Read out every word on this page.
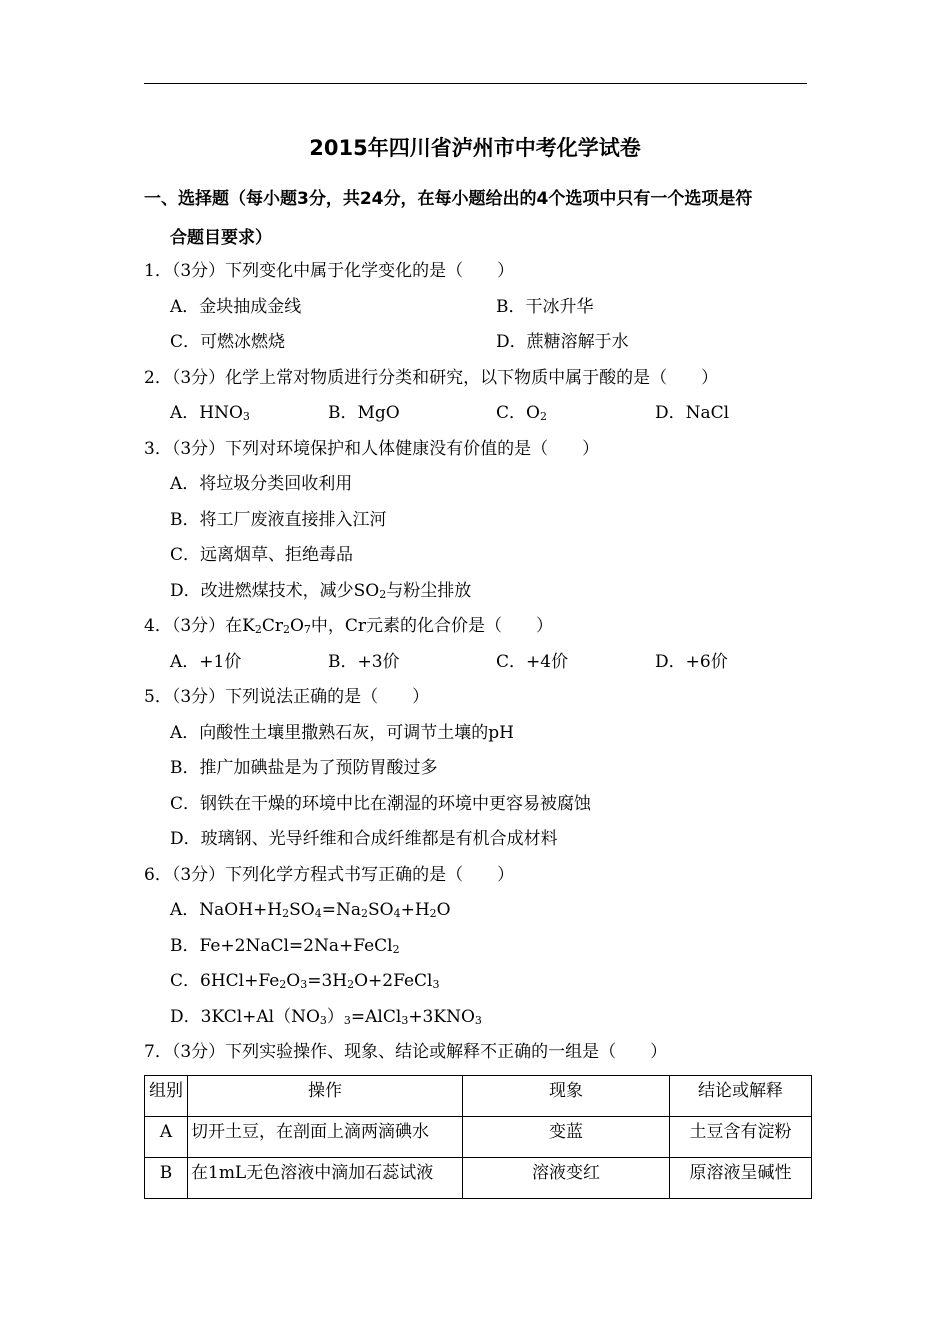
2015年四川省泸州市中考化学试卷
一、选择题（每小题3分，共24分，在每小题给出的4个选项中只有一个选项是符
合题目要求）
1．（3分）下列变化中属于化学变化的是（　　）
A．金块抽成金线	B．干冰升华
C．可燃冰燃烧	D．蔗糖溶解于水
2．（3分）化学上常对物质进行分类和研究，以下物质中属于酸的是（　　）
A．$HNO_3$	B．MgO	C．$O_2$	D．NaCl
3．（3分）下列对环境保护和人体健康没有价值的是（　　）
A．将垃圾分类回收利用
B．将工厂废液直接排入江河
C．远离烟草、拒绝毒品
D．改进燃煤技术，减少$SO_2$与粉尘排放
4．（3分）在$K_2Cr_2O_7$中，Cr元素的化合价是（　　）
A．+1价	B．+3价	C．+4价	D．+6价
5．（3分）下列说法正确的是（　　）
A．向酸性土壤里撒熟石灰，可调节土壤的pH
B．推广加碘盐是为了预防胃酸过多
C．钢铁在干燥的环境中比在潮湿的环境中更容易被腐蚀
D．玻璃钢、光导纤维和合成纤维都是有机合成材料
6．（3分）下列化学方程式书写正确的是（　　）
A．$NaOH+H_2SO_4=Na_2SO_4+H_2O$
B．Fe+2NaCl=2Na+FeCl$_2$
C．$6HCl+Fe_2O_3=3H_2O+2FeCl_3$
D．$3KCl+Al(NO_3)_3=AlCl_3+3KNO_3$
7．（3分）下列实验操作、现象、结论或解释不正确的一组是（　　）
组别	操作	现象	结论或解释
A	切开土豆，在剖面上滴两滴碘水	变蓝	土豆含有淀粉
B	在1mL无色溶液中滴加石蕊试液	溶液变红	原溶液呈碱性
